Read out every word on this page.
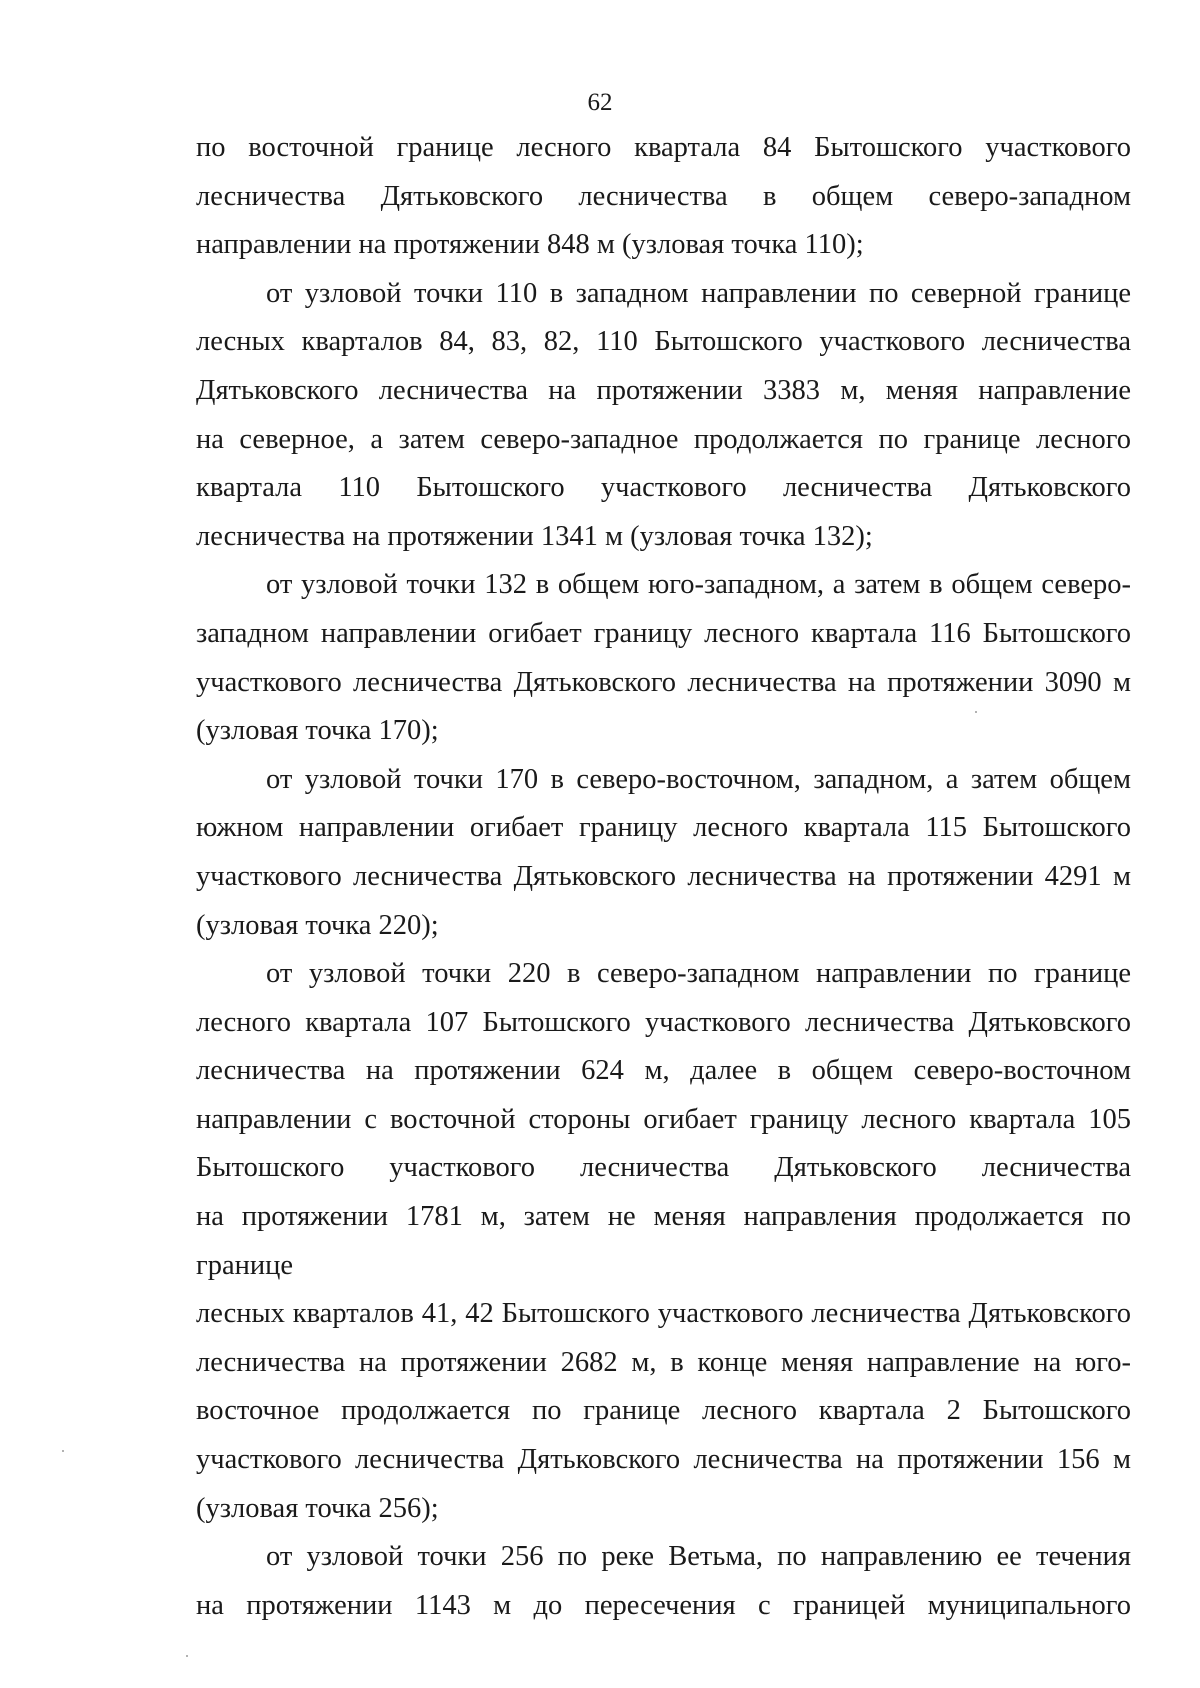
62
по восточной границе лесного квартала 84 Бытошского участкового
лесничества Дятьковского лесничества в общем северо-западном
направлении на протяжении 848 м (узловая точка 110);
от узловой точки 110 в западном направлении по северной границе
лесных кварталов 84, 83, 82, 110 Бытошского участкового лесничества
Дятьковского лесничества на протяжении 3383 м, меняя направление
на северное, а затем северо-западное продолжается по границе лесного
квартала 110 Бытошского участкового лесничества Дятьковского
лесничества на протяжении 1341 м (узловая точка 132);
от узловой точки 132 в общем юго-западном, а затем в общем северо-
западном направлении огибает границу лесного квартала 116 Бытошского
участкового лесничества Дятьковского лесничества на протяжении 3090 м
(узловая точка 170);
от узловой точки 170 в северо-восточном, западном, а затем общем
южном направлении огибает границу лесного квартала 115 Бытошского
участкового лесничества Дятьковского лесничества на протяжении 4291 м
(узловая точка 220);
от узловой точки 220 в северо-западном направлении по границе
лесного квартала 107 Бытошского участкового лесничества Дятьковского
лесничества на протяжении 624 м, далее в общем северо-восточном
направлении с восточной стороны огибает границу лесного квартала 105
Бытошского участкового лесничества Дятьковского лесничества
на протяжении 1781 м, затем не меняя направления продолжается по границе
лесных кварталов 41, 42 Бытошского участкового лесничества Дятьковского
лесничества на протяжении 2682 м, в конце меняя направление на юго-
восточное продолжается по границе лесного квартала 2 Бытошского
участкового лесничества Дятьковского лесничества на протяжении 156 м
(узловая точка 256);
от узловой точки 256 по реке Ветьма, по направлению ее течения
на протяжении 1143 м до пересечения с границей муниципального
